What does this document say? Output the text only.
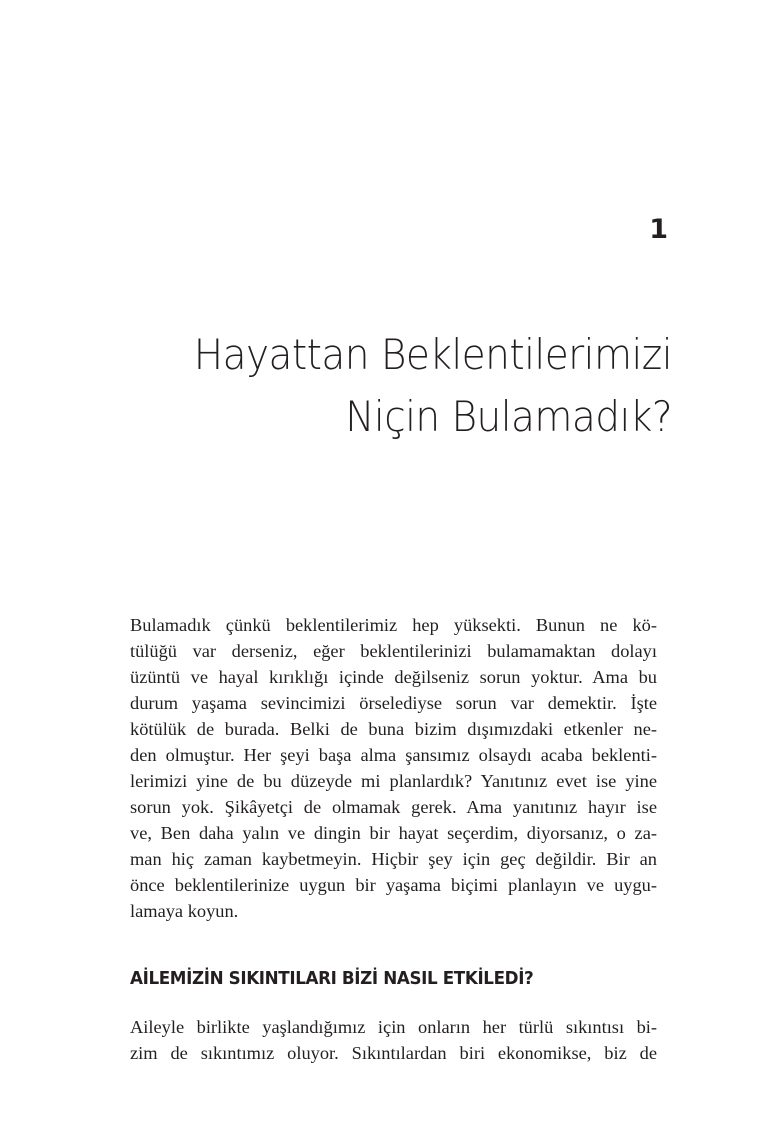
1
Hayattan Beklentilerimizi
Niçin Bulamadık?

Bulamadık çünkü beklentilerimiz hep yüksekti. Bunun ne kö-
tülüğü var derseniz, eğer beklentilerinizi bulamamaktan dolayı
üzüntü ve hayal kırıklığı içinde değilseniz sorun yoktur. Ama bu
durum yaşama sevincimizi örselediyse sorun var demektir. İşte
kötülük de burada. Belki de buna bizim dışımızdaki etkenler ne-
den olmuştur. Her şeyi başa alma şansımız olsaydı acaba beklenti-
lerimizi yine de bu düzeyde mi planlardık? Yanıtınız evet ise yine
sorun yok. Şikâyetçi de olmamak gerek. Ama yanıtınız hayır ise
ve, Ben daha yalın ve dingin bir hayat seçerdim, diyorsanız, o za-
man hiç zaman kaybetmeyin. Hiçbir şey için geç değildir. Bir an
önce beklentilerinize uygun bir yaşama biçimi planlayın ve uygu-
lamaya koyun.

AİLEMİZİN SIKINTILARI BİZİ NASIL ETKİLEDİ?

Aileyle birlikte yaşlandığımız için onların her türlü sıkıntısı bi-
zim de sıkıntımız oluyor. Sıkıntılardan biri ekonomikse, biz de
